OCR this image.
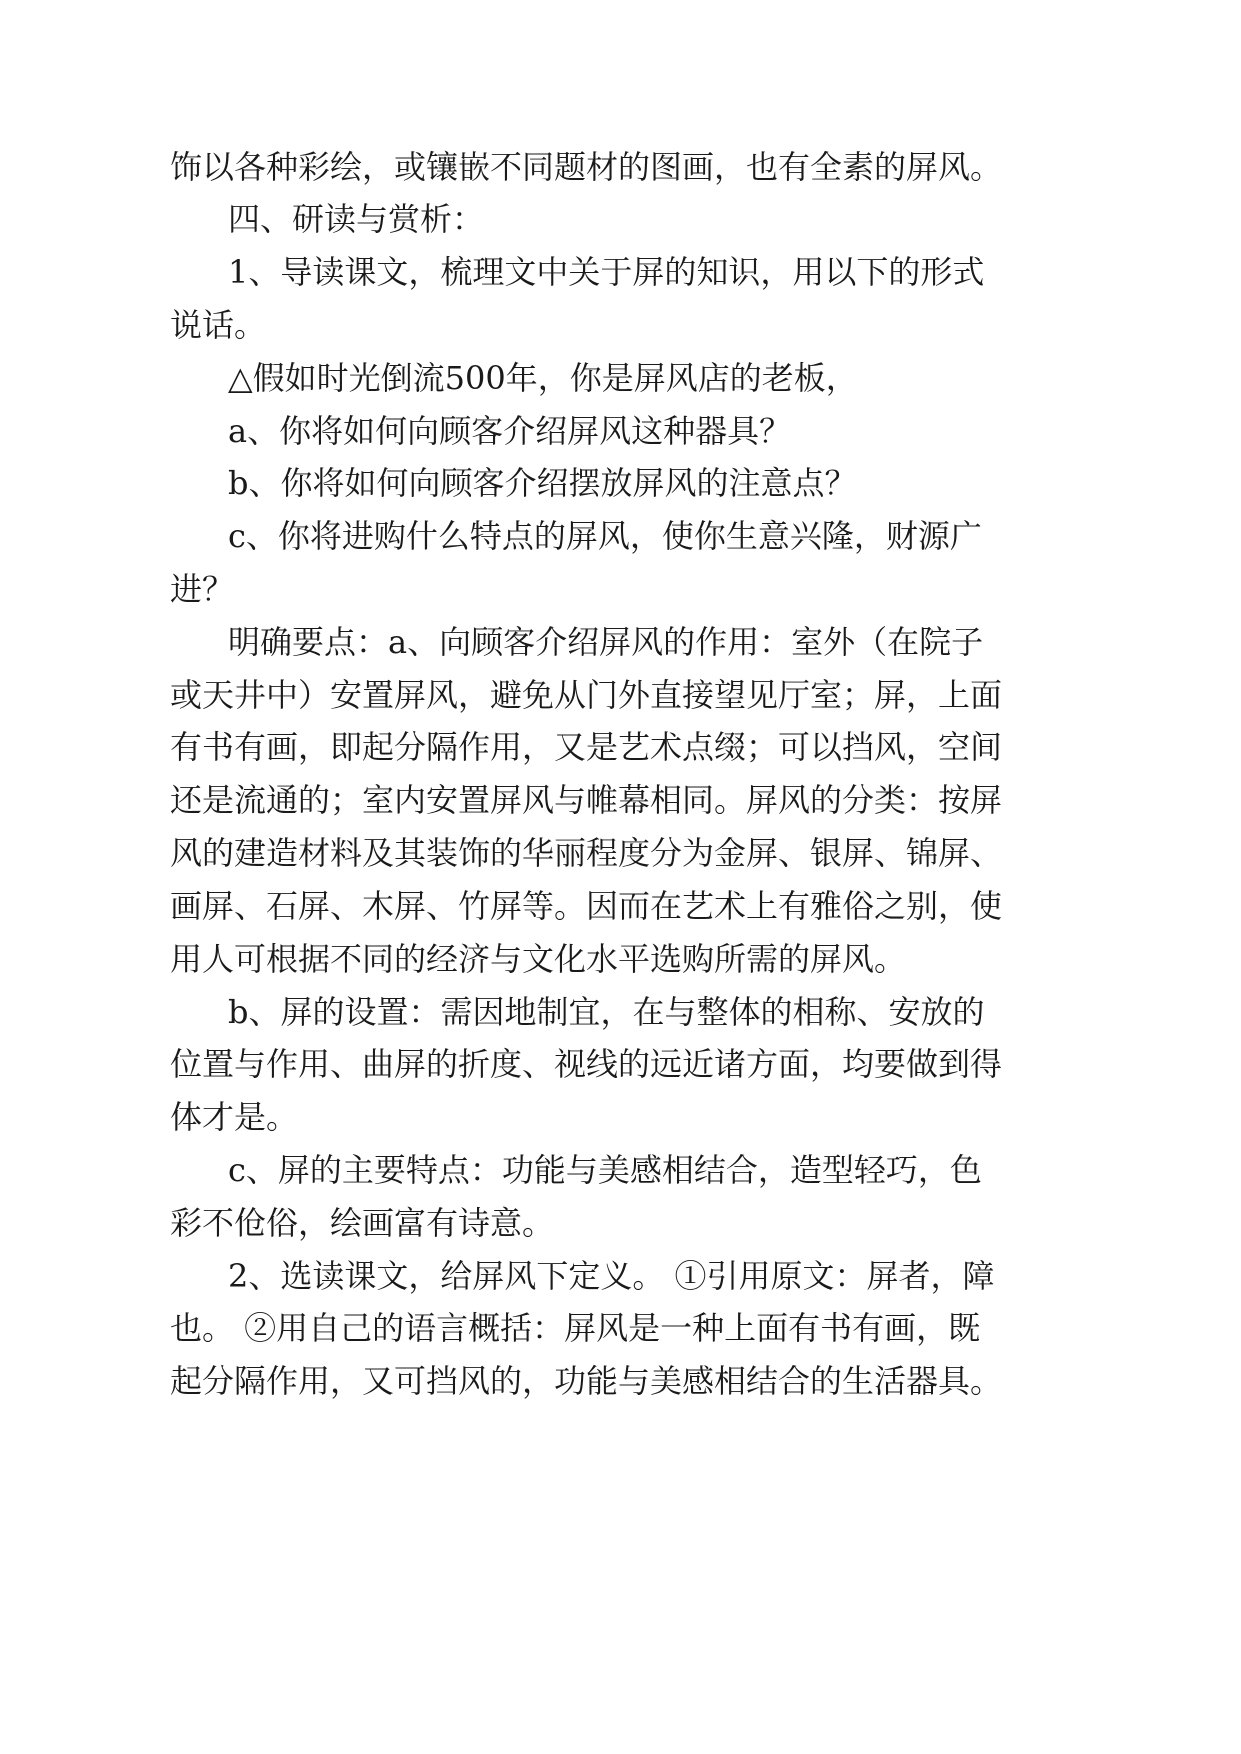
饰以各种彩绘，或镶嵌不同题材的图画，也有全素的屏风。
四、研读与赏析：
1、导读课文，梳理文中关于屏的知识，用以下的形式
说话。
△假如时光倒流500年，你是屏风店的老板，
a、你将如何向顾客介绍屏风这种器具？
b、你将如何向顾客介绍摆放屏风的注意点？
c、你将进购什么特点的屏风，使你生意兴隆，财源广
进？
明确要点：a、向顾客介绍屏风的作用：室外（在院子
或天井中）安置屏风，避免从门外直接望见厅室；屏，上面
有书有画，即起分隔作用，又是艺术点缀；可以挡风，空间
还是流通的；室内安置屏风与帷幕相同。屏风的分类：按屏
风的建造材料及其装饰的华丽程度分为金屏、银屏、锦屏、
画屏、石屏、木屏、竹屏等。因而在艺术上有雅俗之别，使
用人可根据不同的经济与文化水平选购所需的屏风。
b、屏的设置：需因地制宜，在与整体的相称、安放的
位置与作用、曲屏的折度、视线的远近诸方面，均要做到得
体才是。
c、屏的主要特点：功能与美感相结合，造型轻巧，色
彩不伧俗，绘画富有诗意。
2、选读课文，给屏风下定义。 ①引用原文：屏者，障
也。 ②用自己的语言概括：屏风是一种上面有书有画，既
起分隔作用，又可挡风的，功能与美感相结合的生活器具。
